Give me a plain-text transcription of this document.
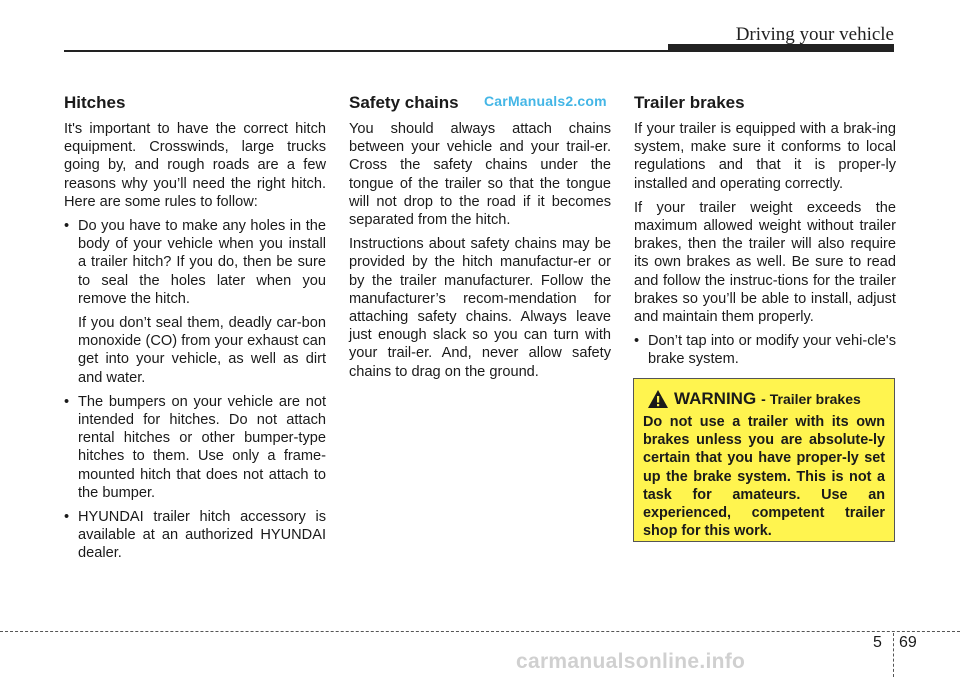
Driving your vehicle
Hitches

It's important to have the correct hitch equipment. Crosswinds, large trucks going by, and rough roads are a few reasons why you’ll need the right hitch. Here are some rules to follow:

• Do you have to make any holes in the body of your vehicle when you install a trailer hitch? If you do, then be sure to seal the holes later when you remove the hitch.

If you don’t seal them, deadly car-bon monoxide (CO) from your exhaust can get into your vehicle, as well as dirt and water.

• The bumpers on your vehicle are not intended for hitches. Do not attach rental hitches or other bumper-type hitches to them. Use only a frame-mounted hitch that does not attach to the bumper.
• HYUNDAI trailer hitch accessory is available at an authorized HYUNDAI dealer.
Safety chains

You should always attach chains between your vehicle and your trail-er. Cross the safety chains under the tongue of the trailer so that the tongue will not drop to the road if it becomes separated from the hitch.

Instructions about safety chains may be provided by the hitch manufactur-er or by the trailer manufacturer. Follow the manufacturer’s recom-mendation for attaching safety chains. Always leave just enough slack so you can turn with your trail-er. And, never allow safety chains to drag on the ground.

CarManuals2.com Trailer brakes

If your trailer is equipped with a brak-ing system, make sure it conforms to local regulations and that it is proper-ly installed and operating correctly.

If your trailer weight exceeds the maximum allowed weight without trailer brakes, then the trailer will also require its own brakes as well. Be sure to read and follow the instruc-tions for the trailer brakes so you’ll be able to install, adjust and maintain them properly.

• Don’t tap into or modify your vehi-cle's brake system.
WARNING - Trailer brakes

Do not use a trailer with its own brakes unless you are absolute-ly certain that you have proper-ly set up the brake system. This is not a task for amateurs. Use an experienced, competent trailer shop for this work.

5 69
carmanualsonline.info
